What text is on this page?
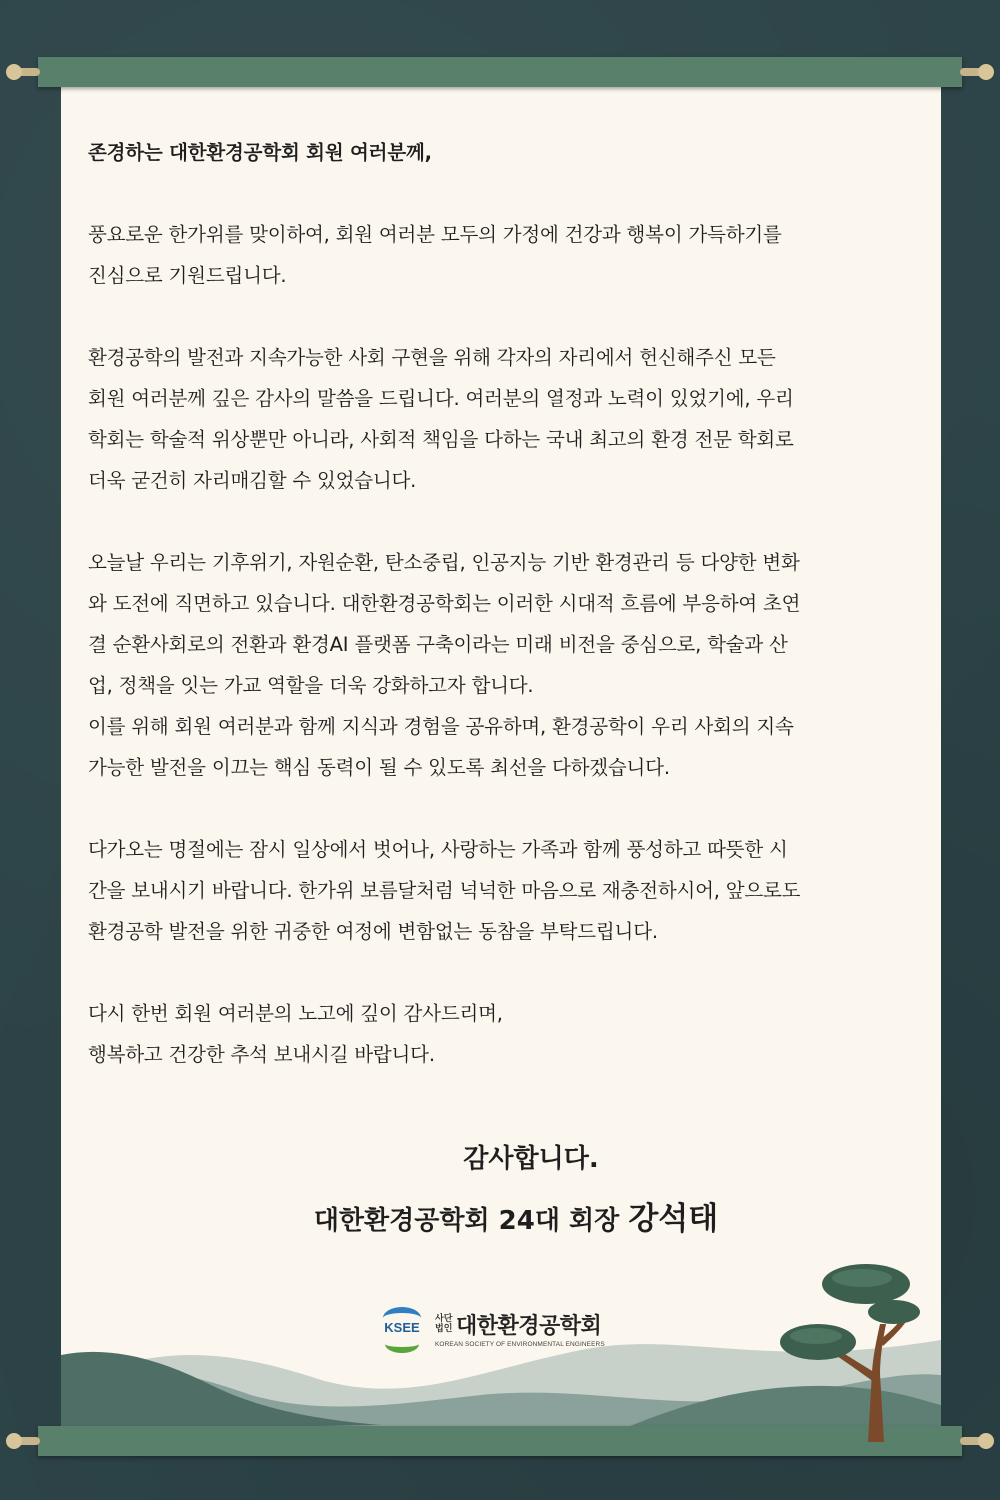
존경하는 대한환경공학회 회원 여러분께,

풍요로운 한가위를 맞이하여, 회원 여러분 모두의 가정에 건강과 행복이 가득하기를
진심으로 기원드립니다.

환경공학의 발전과 지속가능한 사회 구현을 위해 각자의 자리에서 헌신해주신 모든
회원 여러분께 깊은 감사의 말씀을 드립니다. 여러분의 열정과 노력이 있었기에, 우리
학회는 학술적 위상뿐만 아니라, 사회적 책임을 다하는 국내 최고의 환경 전문 학회로
더욱 굳건히 자리매김할 수 있었습니다.

오늘날 우리는 기후위기, 자원순환, 탄소중립, 인공지능 기반 환경관리 등 다양한 변화
와 도전에 직면하고 있습니다. 대한환경공학회는 이러한 시대적 흐름에 부응하여 초연
결 순환사회로의 전환과 환경AI 플랫폼 구축이라는 미래 비전을 중심으로, 학술과 산
업, 정책을 잇는 가교 역할을 더욱 강화하고자 합니다.
이를 위해 회원 여러분과 함께 지식과 경험을 공유하며, 환경공학이 우리 사회의 지속
가능한 발전을 이끄는 핵심 동력이 될 수 있도록 최선을 다하겠습니다.

다가오는 명절에는 잠시 일상에서 벗어나, 사랑하는 가족과 함께 풍성하고 따뜻한 시
간을 보내시기 바랍니다. 한가위 보름달처럼 넉넉한 마음으로 재충전하시어, 앞으로도
환경공학 발전을 위한 귀중한 여정에 변함없는 동참을 부탁드립니다.

다시 한번 회원 여러분의 노고에 깊이 감사드리며,
행복하고 건강한 추석 보내시길 바랍니다.

감사합니다.
대한환경공학회 24대 회장 강석태
KSEE
사단
법인 대한환경공학회
KOREAN SOCIETY OF ENVIRONMENTAL ENGINEERS
